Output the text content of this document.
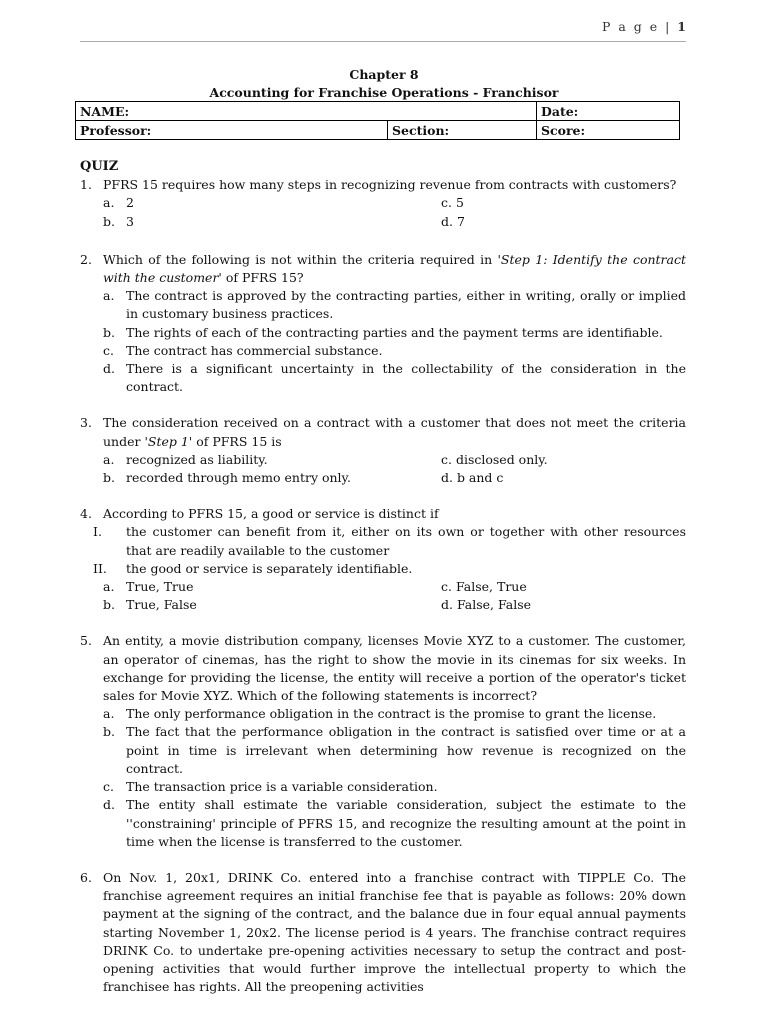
P a g e | 1
Chapter 8
Accounting for Franchise Operations - Franchisor
NAME:		Date:
Professor:	Section:	Score:
QUIZ
1. PFRS 15 requires how many steps in recognizing revenue from contracts with customers?
a. 2	c. 5
b. 3	d. 7
2. Which of the following is not within the criteria required in 'Step 1: Identify the contract with the customer' of PFRS 15?
a. The contract is approved by the contracting parties, either in writing, orally or implied in customary business practices.
b. The rights of each of the contracting parties and the payment terms are identifiable.
c. The contract has commercial substance.
d. There is a significant uncertainty in the collectability of the consideration in the contract.
3. The consideration received on a contract with a customer that does not meet the criteria under 'Step 1' of PFRS 15 is
a. recognized as liability.	c. disclosed only.
b. recorded through memo entry only.	d. b and c
4. According to PFRS 15, a good or service is distinct if
I.	the customer can benefit from it, either on its own or together with other resources that are readily available to the customer
II.	the good or service is separately identifiable.
a. True, True	c. False, True
b. True, False	d. False, False
5. An entity, a movie distribution company, licenses Movie XYZ to a customer. The customer, an operator of cinemas, has the right to show the movie in its cinemas for six weeks. In exchange for providing the license, the entity will receive a portion of the operator's ticket sales for Movie XYZ. Which of the following statements is incorrect?
a. The only performance obligation in the contract is the promise to grant the license.
b. The fact that the performance obligation in the contract is satisfied over time or at a point in time is irrelevant when determining how revenue is recognized on the contract.
c. The transaction price is a variable consideration.
d. The entity shall estimate the variable consideration, subject the estimate to the ''constraining' principle of PFRS 15, and recognize the resulting amount at the point in time when the license is transferred to the customer.
6. On Nov. 1, 20x1, DRINK Co. entered into a franchise contract with TIPPLE Co. The franchise agreement requires an initial franchise fee that is payable as follows: 20% down payment at the signing of the contract, and the balance due in four equal annual payments starting November 1, 20x2. The license period is 4 years. The franchise contract requires DRINK Co. to undertake pre-opening activities necessary to setup the contract and post-opening activities that would further improve the intellectual property to which the franchisee has rights. All the preopening activities
